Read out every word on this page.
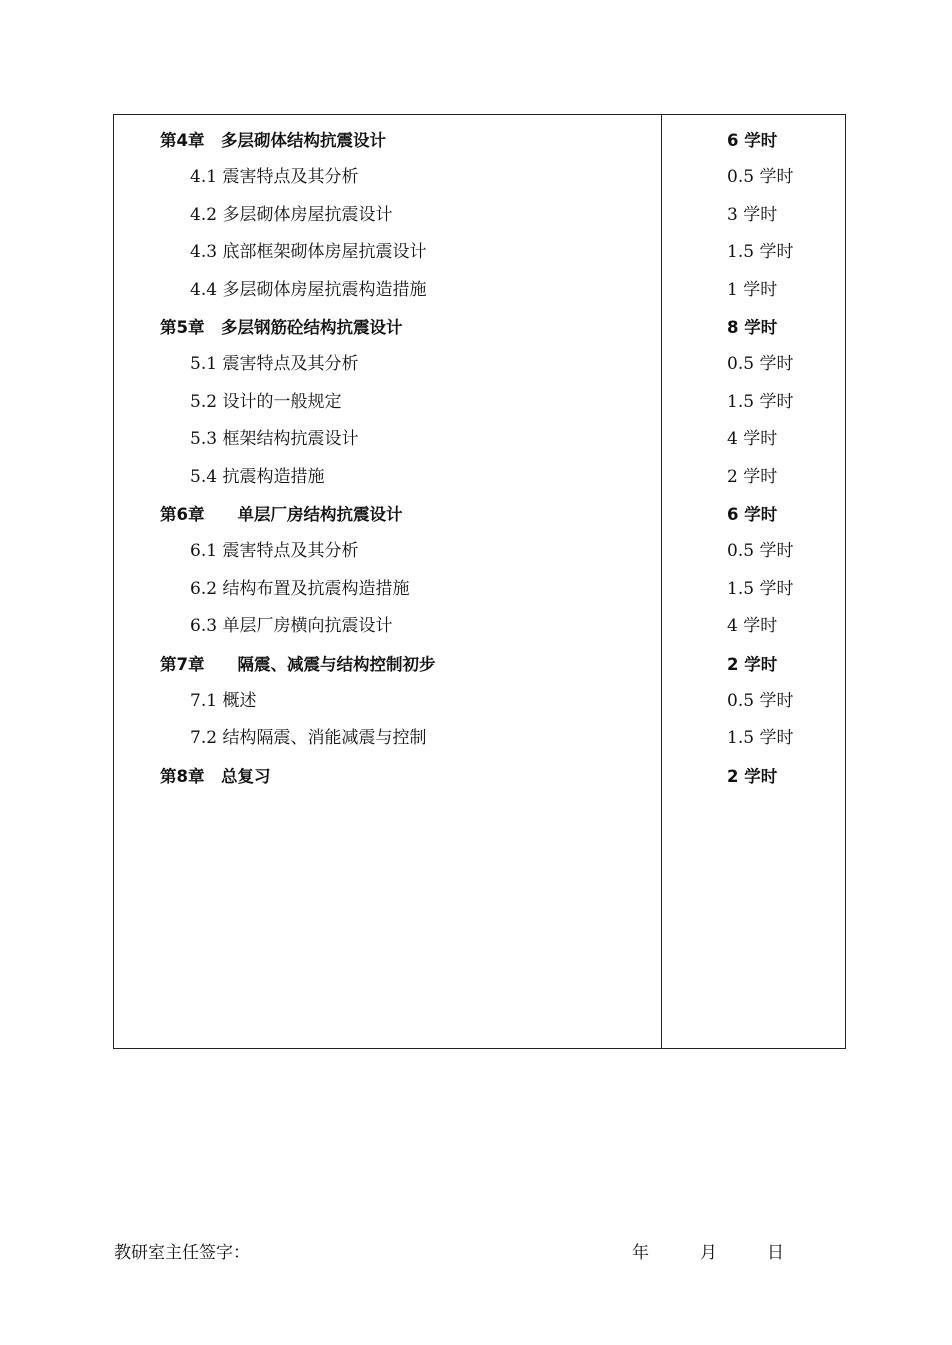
第4章　多层砌体结构抗震设计	6 学时
4.1 震害特点及其分析	0.5 学时
4.2 多层砌体房屋抗震设计	3 学时
4.3 底部框架砌体房屋抗震设计	1.5 学时
4.4 多层砌体房屋抗震构造措施	1 学时
第5章　多层钢筋砼结构抗震设计	8 学时
5.1 震害特点及其分析	0.5 学时
5.2 设计的一般规定	1.5 学时
5.3 框架结构抗震设计	4 学时
5.4 抗震构造措施	2 学时
第6章　　单层厂房结构抗震设计	6 学时
6.1 震害特点及其分析	0.5 学时
6.2 结构布置及抗震构造措施	1.5 学时
6.3 单层厂房横向抗震设计	4 学时
第7章　　隔震、减震与结构控制初步	2 学时
7.1 概述	0.5 学时
7.2 结构隔震、消能减震与控制	1.5 学时
第8章　总复习	2 学时
教研室主任签字：	年	月	日
